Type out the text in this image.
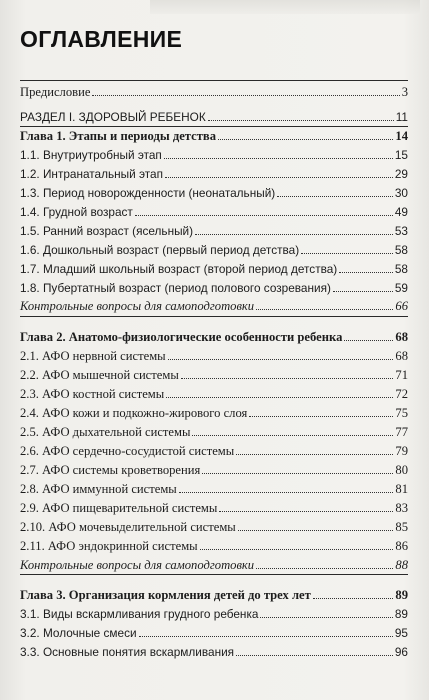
ОГЛАВЛЕНИЕ
Предисловие	3
РАЗДЕЛ I. ЗДОРОВЫЙ РЕБЕНОК	11
Глава 1. Этапы и периоды детства	14
1.1. Внутриутробный этап	15
1.2. Интранатальный этап	29
1.3. Период новорожденности (неонатальный)	30
1.4. Грудной возраст	49
1.5. Ранний возраст (ясельный)	53
1.6. Дошкольный возраст (первый период детства)	58
1.7. Младший школьный возраст (второй период детства)	58
1.8. Пубертатный возраст (период полового созревания)	59
Контрольные вопросы для самоподготовки	66
Глава 2. Анатомо-физиологические особенности ребенка	68
2.1. АФО нервной системы	68
2.2. АФО мышечной системы	71
2.3. АФО костной системы	72
2.4. АФО кожи и подкожно-жирового слоя	75
2.5. АФО дыхательной системы	77
2.6. АФО сердечно-сосудистой системы	79
2.7. АФО системы кроветворения	80
2.8. АФО иммунной системы	81
2.9. АФО пищеварительной системы	83
2.10. АФО мочевыделительной системы	85
2.11. АФО эндокринной системы	86
Контрольные вопросы для самоподготовки	88
Глава 3. Организация кормления детей до трех лет	89
3.1. Виды вскармливания грудного ребенка	89
3.2. Молочные смеси	95
3.3. Основные понятия вскармливания	96
